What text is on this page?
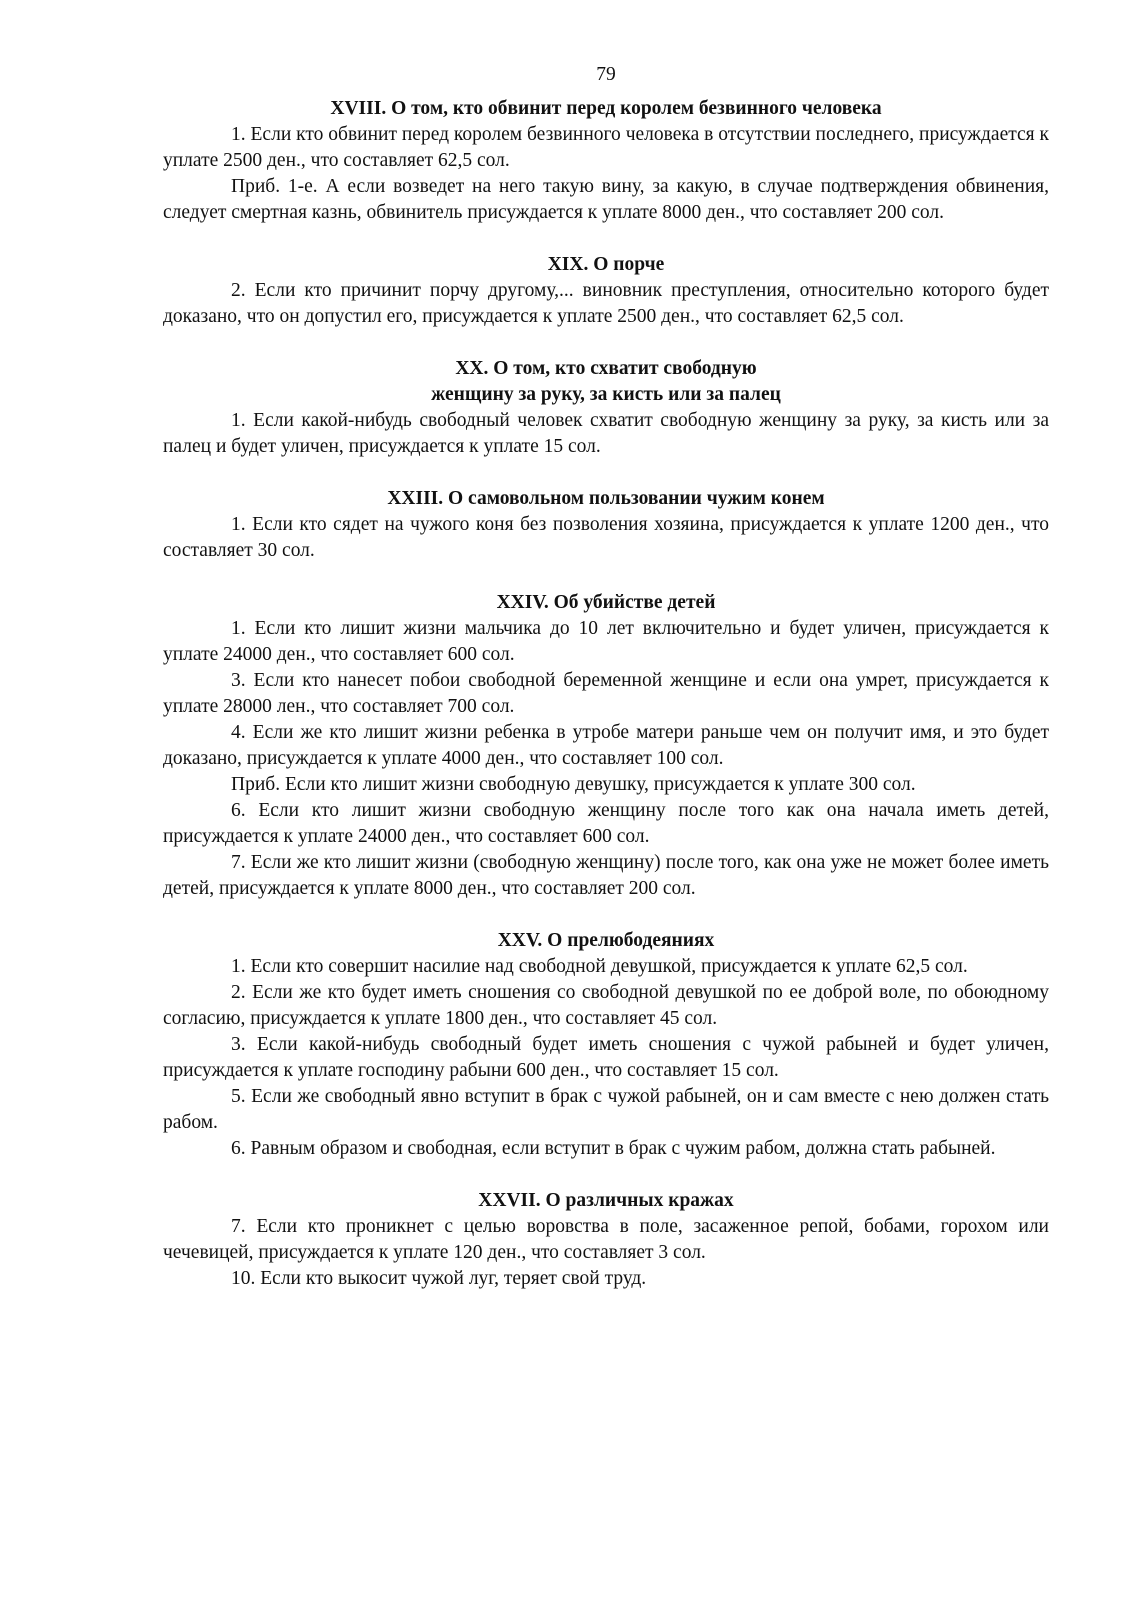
79

XVIII. О том, кто обвинит перед королем безвинного человека

1. Если кто обвинит перед королем безвинного человека в отсутствии последнего, присуждается к уплате 2500 ден., что составляет 62,5 сол.

Приб. 1-е. А если возведет на него такую вину, за какую, в случае подтверждения обвинения, следует смертная казнь, обвинитель присуждается к уплате 8000 ден., что составляет 200 сол.

XIX. О порче

2. Если кто причинит порчу другому,... виновник преступления, относительно которого будет доказано, что он допустил его, присуждается к уплате 2500 ден., что составляет 62,5 сол.

XX. О том, кто схватит свободную

женщину за руку, за кисть или за палец

1. Если какой-нибудь свободный человек схватит свободную женщину за руку, за кисть или за палец и будет уличен, присуждается к уплате 15 сол.

XXIII. О самовольном пользовании чужим конем

1. Если кто сядет на чужого коня без позволения хозяина, присуждается к уплате 1200 ден., что составляет 30 сол.

XXIV. Об убийстве детей

1. Если кто лишит жизни мальчика до 10 лет включительно и будет уличен, присуждается к уплате 24000 ден., что составляет 600 сол.

3. Если кто нанесет побои свободной беременной женщине и если она умрет, присуждается к уплате 28000 лен., что составляет 700 сол.

4. Если же кто лишит жизни ребенка в утробе матери раньше чем он получит имя, и это будет доказано, присуждается к уплате 4000 ден., что составляет 100 сол.

Приб. Если кто лишит жизни свободную девушку, присуждается к уплате 300 сол.

6. Если кто лишит жизни свободную женщину после того как она начала иметь детей, присуждается к уплате 24000 ден., что составляет 600 сол.

7. Если же кто лишит жизни (свободную женщину) после того, как она уже не может более иметь детей, присуждается к уплате 8000 ден., что составляет 200 сол.

XXV. О прелюбодеяниях

1. Если кто совершит насилие над свободной девушкой, присуждается к уплате 62,5 сол.

2. Если же кто будет иметь сношения со свободной девушкой по ее доброй воле, по обоюдному согласию, присуждается к уплате 1800 ден., что составляет 45 сол.

3. Если какой-нибудь свободный будет иметь сношения с чужой рабыней и будет уличен, присуждается к уплате господину рабыни 600 ден., что составляет 15 сол.

5. Если же свободный явно вступит в брак с чужой рабыней, он и сам вместе с нею должен стать рабом.

6. Равным образом и свободная, если вступит в брак с чужим рабом, должна стать рабыней.

XXVII. О различных кражах

7. Если кто проникнет с целью воровства в поле, засаженное репой, бобами, горохом или чечевицей, присуждается к уплате 120 ден., что составляет 3 сол.

10. Если кто выкосит чужой луг, теряет свой труд.
